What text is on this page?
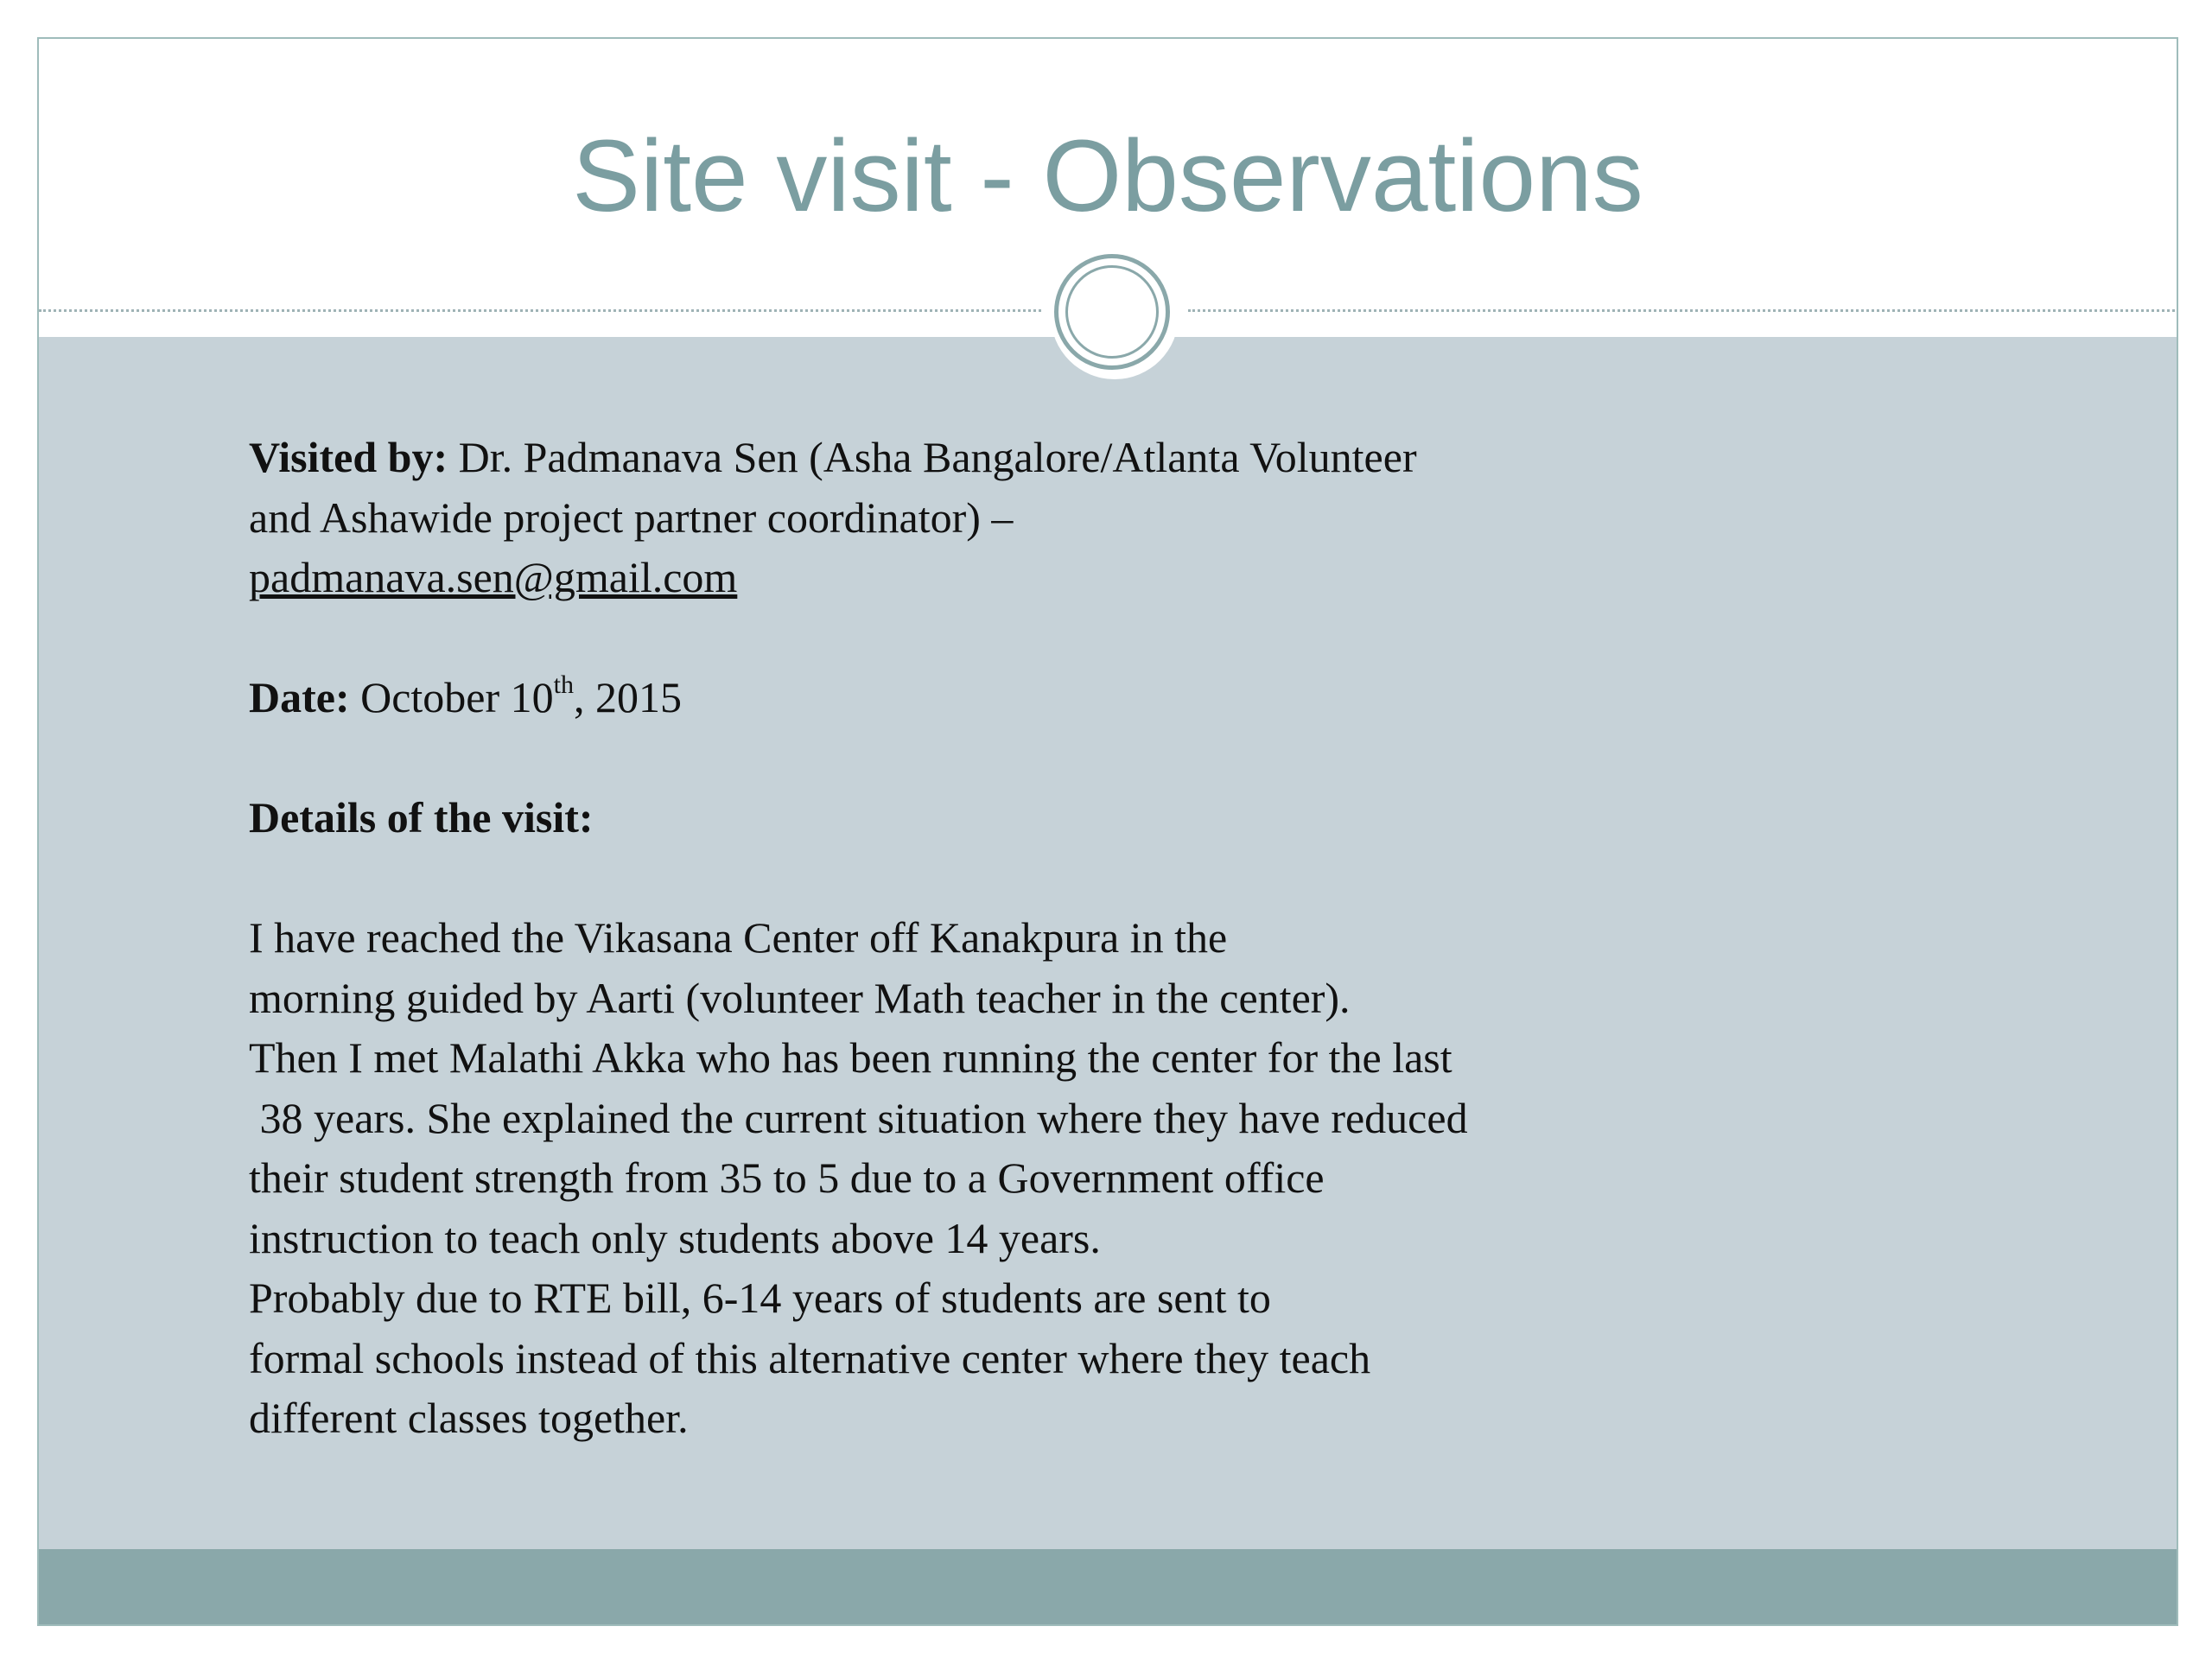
Site visit - Observations

Visited by: Dr. Padmanava Sen (Asha Bangalore/Atlanta Volunteer

and Ashawide project partner coordinator) –

padmanava.sen@gmail.com

Date: October 10th, 2015

Details of the visit:

I have reached the Vikasana Center off Kanakpura in the

morning guided by Aarti (volunteer Math teacher in the center).

Then I met Malathi Akka who has been running the center for the last

38 years. She explained the current situation where they have reduced

their student strength from 35 to 5 due to a Government office

instruction to teach only students above 14 years.

Probably due to RTE bill, 6-14 years of students are sent to

formal schools instead of this alternative center where they teach

different classes together.
